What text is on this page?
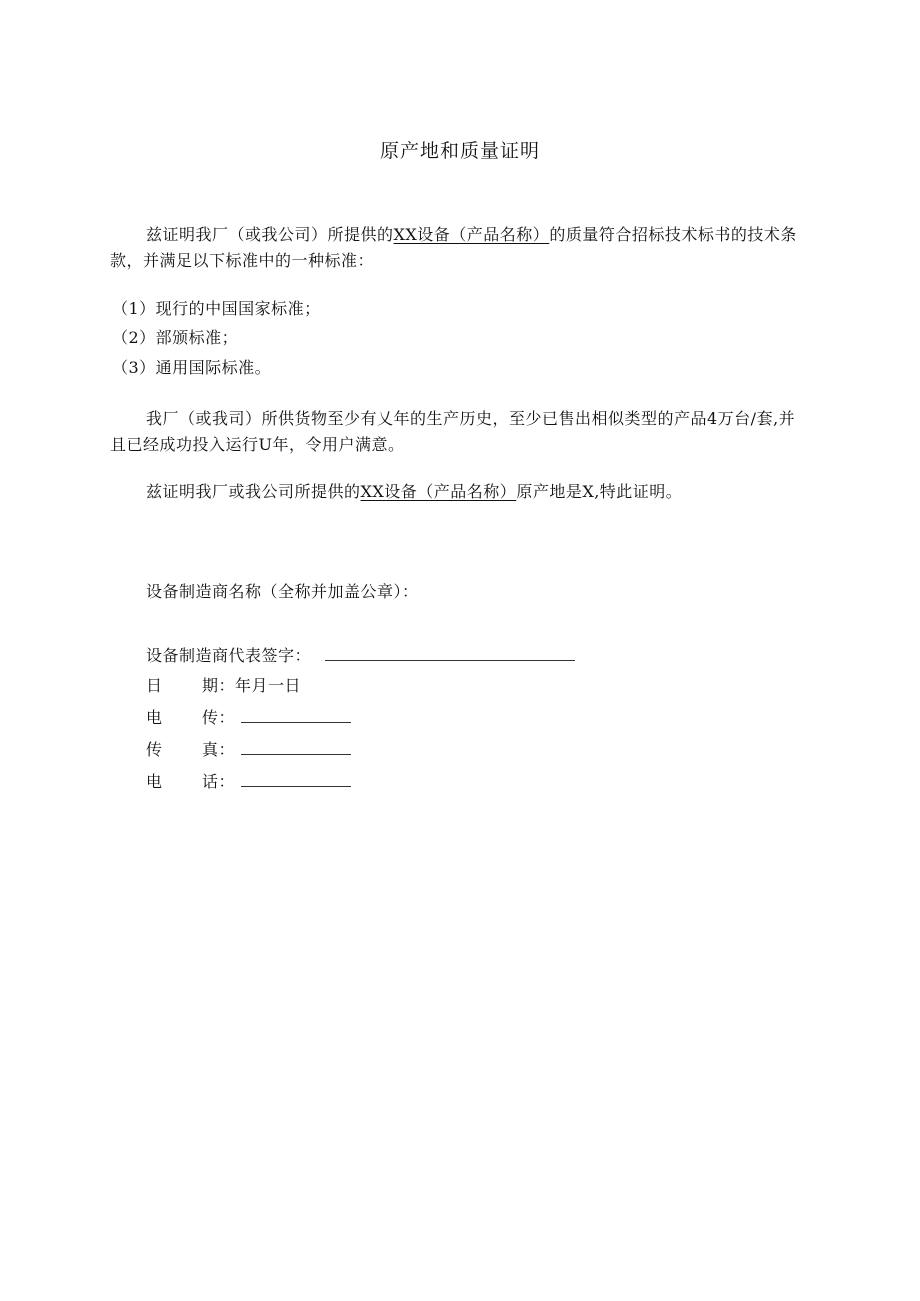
原产地和质量证明
兹证明我厂（或我公司）所提供的XX设备（产品名称）的质量符合招标技术标书的技术条款，并满足以下标准中的一种标准：
（1）现行的中国国家标准；
（2）部颁标准；
（3）通用国际标准。
我厂（或我司）所供货物至少有乂年的生产历史，至少已售出相似类型的产品4万台/套,并且已经成功投入运行U年，令用户满意。
兹证明我厂或我公司所提供的XX设备（产品名称）原产地是X,特此证明。
设备制造商名称（全称并加盖公章）：
设备制造商代表签字：
日 期：年月一日
电 传：
传 真：
电 话：
